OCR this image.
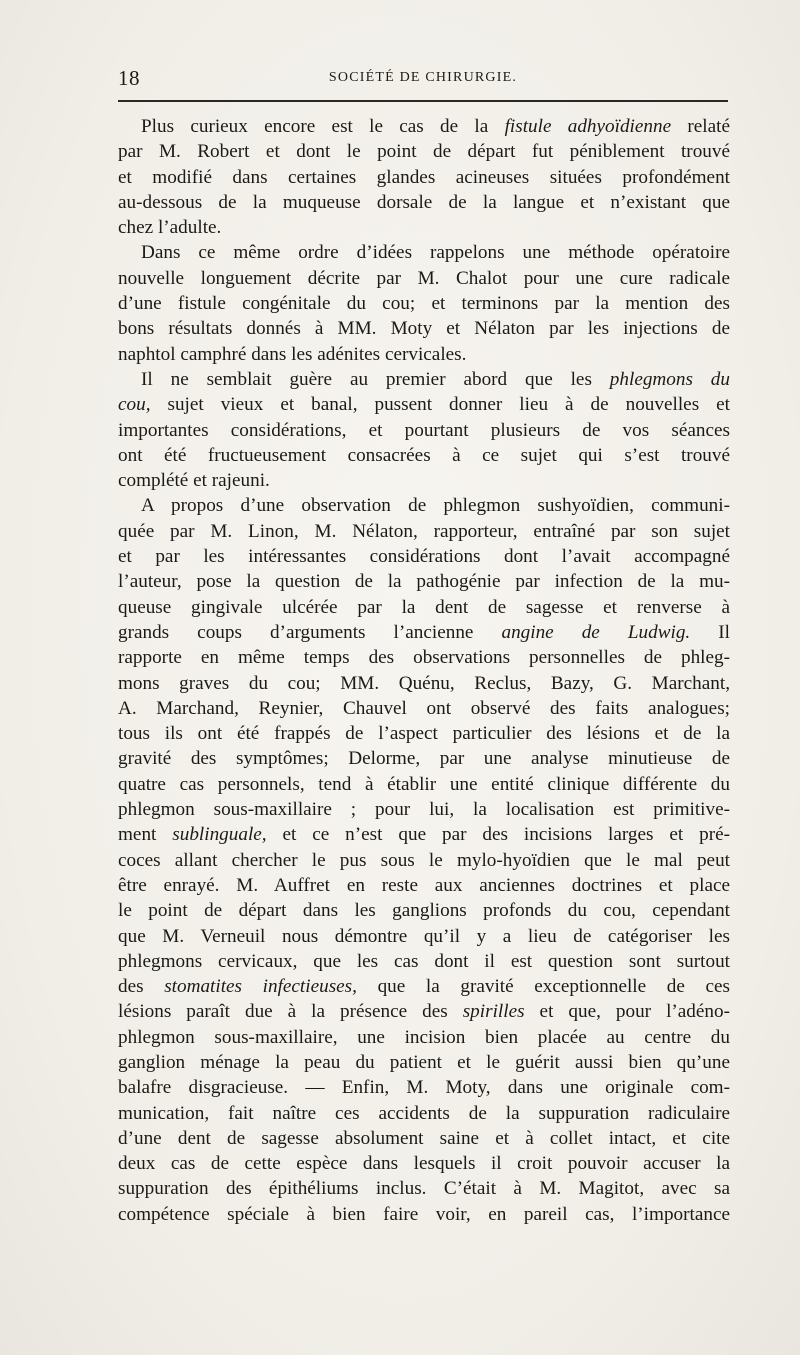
18	SOCIÉTÉ DE CHIRURGIE.
Plus curieux encore est le cas de la fistule adhyoïdienne relaté
par M. Robert et dont le point de départ fut péniblement trouvé
et modifié dans certaines glandes acineuses situées profondément
au-dessous de la muqueuse dorsale de la langue et n’existant que
chez l’adulte.
Dans ce même ordre d’idées rappelons une méthode opératoire
nouvelle longuement décrite par M. Chalot pour une cure radicale
d’une fistule congénitale du cou; et terminons par la mention des
bons résultats donnés à MM. Moty et Nélaton par les injections de
naphtol camphré dans les adénites cervicales.
Il ne semblait guère au premier abord que les phlegmons du
cou, sujet vieux et banal, pussent donner lieu à de nouvelles et
importantes considérations, et pourtant plusieurs de vos séances
ont été fructueusement consacrées à ce sujet qui s’est trouvé
complété et rajeuni.
A propos d’une observation de phlegmon sushyoïdien, communi-
quée par M. Linon, M. Nélaton, rapporteur, entraîné par son sujet
et par les intéressantes considérations dont l’avait accompagné
l’auteur, pose la question de la pathogénie par infection de la mu-
queuse gingivale ulcérée par la dent de sagesse et renverse à
grands coups d’arguments l’ancienne angine de Ludwig. Il
rapporte en même temps des observations personnelles de phleg-
mons graves du cou; MM. Quénu, Reclus, Bazy, G. Marchant,
A. Marchand, Reynier, Chauvel ont observé des faits analogues;
tous ils ont été frappés de l’aspect particulier des lésions et de la
gravité des symptômes; Delorme, par une analyse minutieuse de
quatre cas personnels, tend à établir une entité clinique différente du
phlegmon sous-maxillaire ; pour lui, la localisation est primitive-
ment sublinguale, et ce n’est que par des incisions larges et pré-
coces allant chercher le pus sous le mylo-hyoïdien que le mal peut
être enrayé. M. Auffret en reste aux anciennes doctrines et place
le point de départ dans les ganglions profonds du cou, cependant
que M. Verneuil nous démontre qu’il y a lieu de catégoriser les
phlegmons cervicaux, que les cas dont il est question sont surtout
des stomatites infectieuses, que la gravité exceptionnelle de ces
lésions paraît due à la présence des spirilles et que, pour l’adéno-
phlegmon sous-maxillaire, une incision bien placée au centre du
ganglion ménage la peau du patient et le guérit aussi bien qu’une
balafre disgracieuse. — Enfin, M. Moty, dans une originale com-
munication, fait naître ces accidents de la suppuration radiculaire
d’une dent de sagesse absolument saine et à collet intact, et cite
deux cas de cette espèce dans lesquels il croit pouvoir accuser la
suppuration des épithéliums inclus. C’était à M. Magitot, avec sa
compétence spéciale à bien faire voir, en pareil cas, l’importance
